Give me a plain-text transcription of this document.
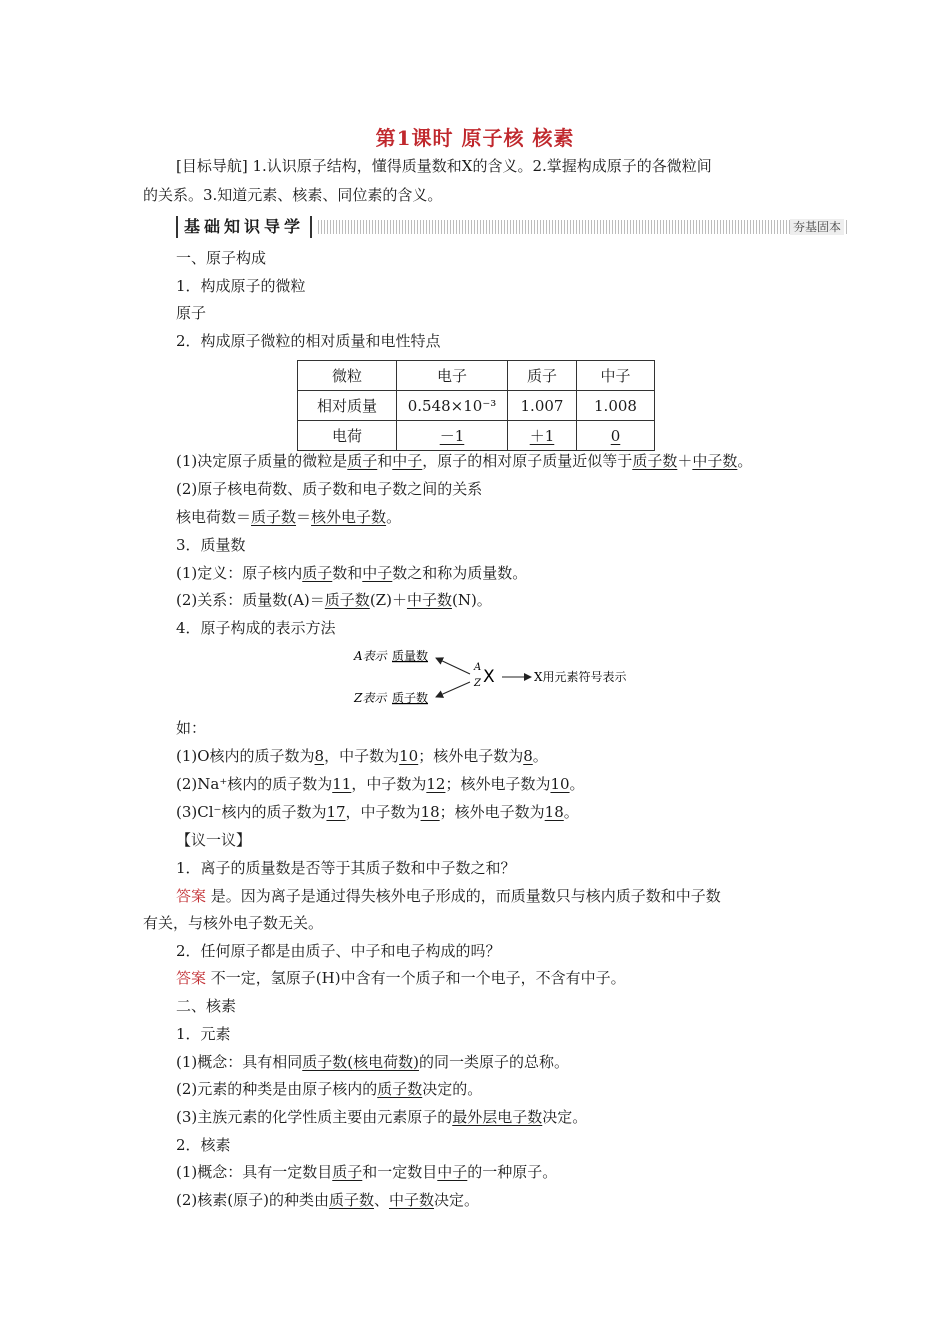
第1课时 原子核 核素
[目标导航] 1.认识原子结构，懂得质量数和X的含义。2.掌握构成原子的各微粒间
的关系。3.知道元素、核素、同位素的含义。
基础知识导学	夯基固本
一、原子构成
1．构成原子的微粒
原子
2．构成原子微粒的相对质量和电性特点
微粒	电子	质子	中子
相对质量	0.548×10⁻³	1.007	1.008
电荷	－1	＋1	0
(1)决定原子质量的微粒是质子和中子，原子的相对原子质量近似等于质子数＋中子数。
(2)原子核电荷数、质子数和电子数之间的关系
核电荷数＝质子数＝核外电子数。
3．质量数
(1)定义：原子核内质子数和中子数之和称为质量数。
(2)关系：质量数(A)＝质子数(Z)＋中子数(N)。
4．原子构成的表示方法
A表示 质量数
Z表示 质子数
A
Z X	X用元素符号表示
如：
(1)O核内的质子数为8，中子数为10；核外电子数为8。
(2)Na⁺核内的质子数为11，中子数为12；核外电子数为10。
(3)Cl⁻核内的质子数为17，中子数为18；核外电子数为18。
【议一议】
1．离子的质量数是否等于其质子数和中子数之和？
答案 是。因为离子是通过得失核外电子形成的，而质量数只与核内质子数和中子数
有关，与核外电子数无关。
2．任何原子都是由质子、中子和电子构成的吗？
答案 不一定，氢原子(H)中含有一个质子和一个电子，不含有中子。
二、核素
1．元素
(1)概念：具有相同质子数(核电荷数)的同一类原子的总称。
(2)元素的种类是由原子核内的质子数决定的。
(3)主族元素的化学性质主要由元素原子的最外层电子数决定。
2．核素
(1)概念：具有一定数目质子和一定数目中子的一种原子。
(2)核素(原子)的种类由质子数、中子数决定。
